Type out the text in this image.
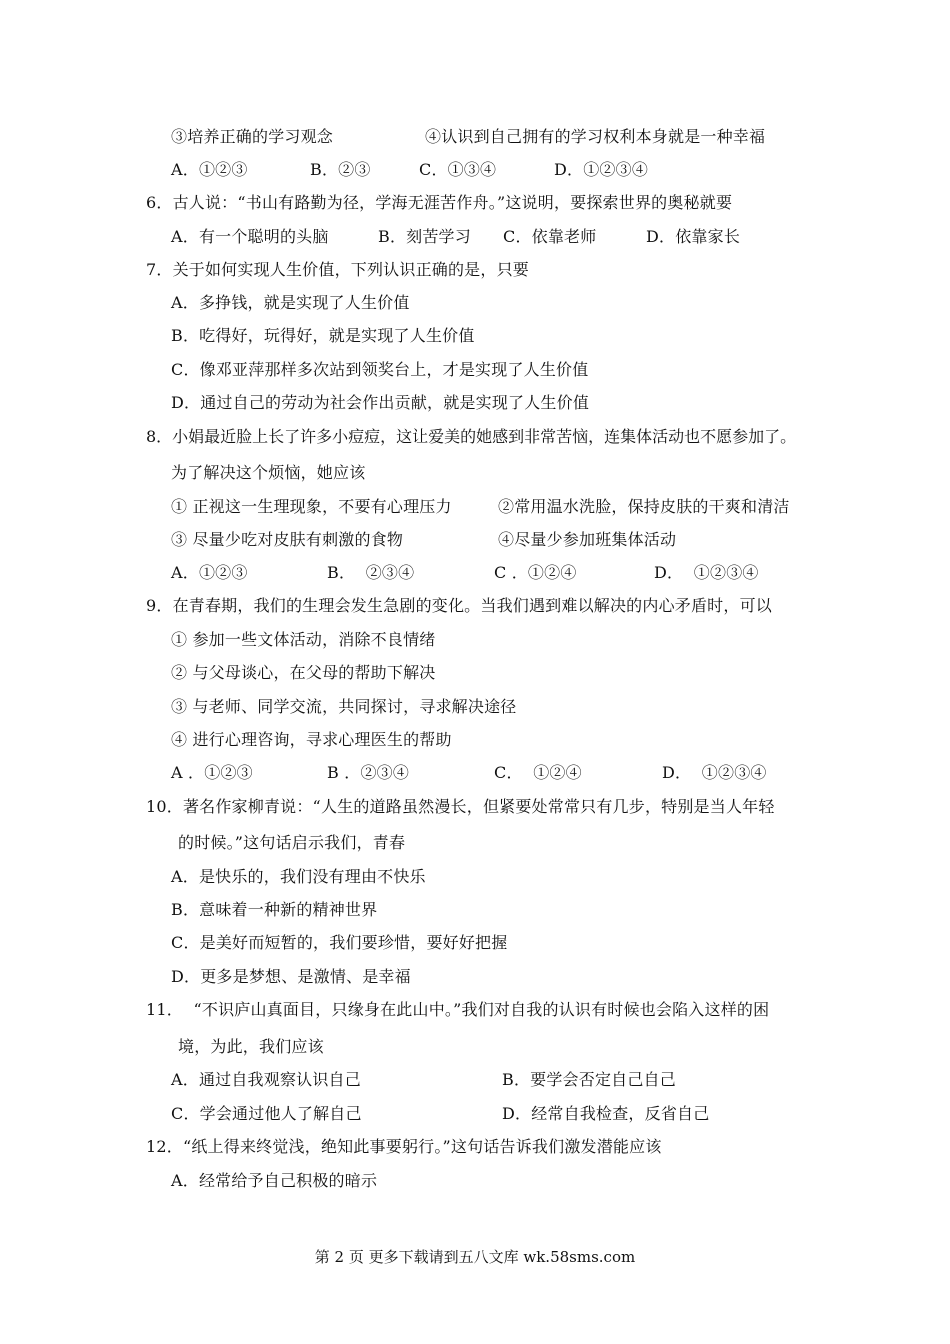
③培养正确的学习观念	④认识到自己拥有的学习权利本身就是一种幸福
A．①②③	B．②③	C．①③④	D．①②③④
6．古人说：“书山有路勤为径，学海无涯苦作舟。”这说明，要探索世界的奥秘就要
A．有一个聪明的头脑	B．刻苦学习 C．依靠老师	D．依靠家长
7．关于如何实现人生价值，下列认识正确的是，只要
A．多挣钱，就是实现了人生价值
B．吃得好，玩得好，就是实现了人生价值
C．像邓亚萍那样多次站到领奖台上，才是实现了人生价值
D．通过自己的劳动为社会作出贡献，就是实现了人生价值
8．小娟最近脸上长了许多小痘痘，这让爱美的她感到非常苦恼，连集体活动也不愿参加了。
为了解决这个烦恼，她应该
① 正视这一生理现象，不要有心理压力	②常用温水洗脸，保持皮肤的干爽和清洁
③ 尽量少吃对皮肤有刺激的食物	④尽量少参加班集体活动
A．①②③	B．  ②③④	C ．①②④	D．  ①②③④
9．在青春期，我们的生理会发生急剧的变化。当我们遇到难以解决的内心矛盾时，可以
① 参加一些文体活动，消除不良情绪
② 与父母谈心，在父母的帮助下解决
③ 与老师、同学交流，共同探讨，寻求解决途径
④ 进行心理咨询，寻求心理医生的帮助
A ．①②③	B ．②③④	C．  ①②④	D．  ①②③④
10．著名作家柳青说：“人生的道路虽然漫长，但紧要处常常只有几步，特别是当人年轻
的时候。”这句话启示我们，青春
A．是快乐的，我们没有理由不快乐
B．意味着一种新的精神世界
C．是美好而短暂的，我们要珍惜，要好好把握
D．更多是梦想、是激情、是幸福
11．  “不识庐山真面目，只缘身在此山中。”我们对自我的认识有时候也会陷入这样的困
境，为此，我们应该
A．通过自我观察认识自己	B．要学会否定自己自己
C．学会通过他人了解自己	D．经常自我检查，反省自己
12．“纸上得来终觉浅，绝知此事要躬行。”这句话告诉我们激发潜能应该
A．经常给予自己积极的暗示
第 2 页 更多下载请到五八文库 wk.58sms.com
